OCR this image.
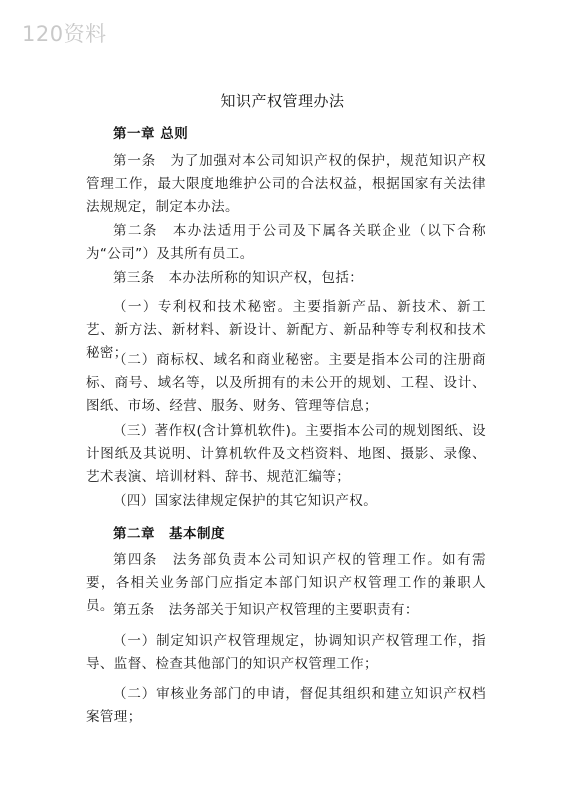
120资料
知识产权管理办法
第一章 总则
第一条　为了加强对本公司知识产权的保护，规范知识产权管理工作，最大限度地维护公司的合法权益，根据国家有关法律法规规定，制定本办法。
第二条　本办法适用于公司及下属各关联企业（以下合称为“公司”）及其所有员工。
第三条　本办法所称的知识产权，包括：
（一）专利权和技术秘密。主要指新产品、新技术、新工艺、新方法、新材料、新设计、新配方、新品种等专利权和技术秘密；
（二）商标权、域名和商业秘密。主要是指本公司的注册商标、商号、域名等，以及所拥有的未公开的规划、工程、设计、图纸、市场、经营、服务、财务、管理等信息；
（三）著作权(含计算机软件)。主要指本公司的规划图纸、设计图纸及其说明、计算机软件及文档资料、地图、摄影、录像、艺术表演、培训材料、辞书、规范汇编等；
（四）国家法律规定保护的其它知识产权。
第二章　基本制度
第四条　法务部负责本公司知识产权的管理工作。如有需要，各相关业务部门应指定本部门知识产权管理工作的兼职人员。 第五条　法务部关于知识产权管理的主要职责有：
（一）制定知识产权管理规定，协调知识产权管理工作，指导、监督、检查其他部门的知识产权管理工作；
（二）审核业务部门的申请，督促其组织和建立知识产权档案管理；
